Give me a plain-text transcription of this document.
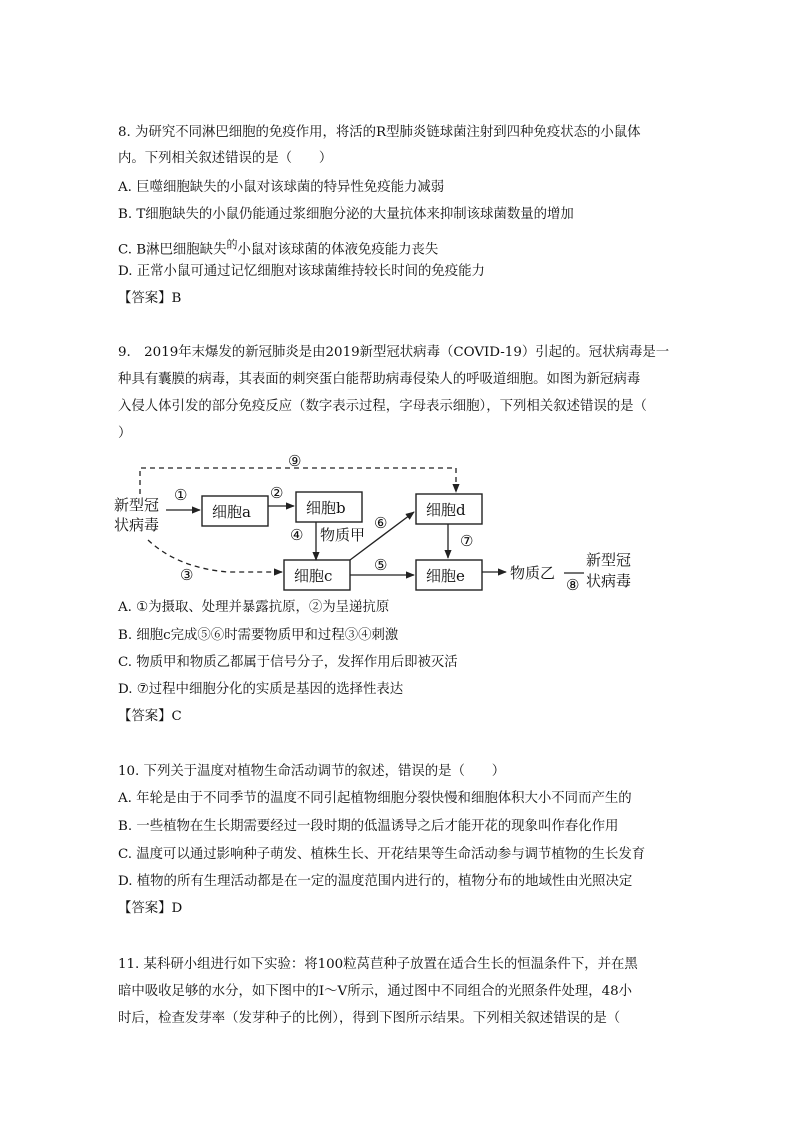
8. 为研究不同淋巴细胞的免疫作用，将活的R型肺炎链球菌注射到四种免疫状态的小鼠体
内。下列相关叙述错误的是（　　）
A. 巨噬细胞缺失的小鼠对该球菌的特异性免疫能力减弱
B. T细胞缺失的小鼠仍能通过浆细胞分泌的大量抗体来抑制该球菌数量的增加
C. B淋巴细胞缺失$^的$小鼠对该球菌的体液免疫能力丧失
D. 正常小鼠可通过记忆细胞对该球菌维持较长时间的免疫能力
【答案】B
9.　2019年末爆发的新冠肺炎是由2019新型冠状病毒（COVID-19）引起的。冠状病毒是一
种具有囊膜的病毒，其表面的刺突蛋白能帮助病毒侵染人的呼吸道细胞。如图为新冠病毒
入侵人体引发的部分免疫反应（数字表示过程，字母表示细胞），下列相关叙述错误的是（
）
新型冠
状病毒
⑨
①
细胞a
②
细胞b
④ 物质甲
③	细胞c
⑥
⑤
细胞d
⑦
细胞e	物质乙
⑧
新型冠
状病毒
A. ①为摄取、处理并暴露抗原，②为呈递抗原
B. 细胞c完成⑤⑥时需要物质甲和过程③④刺激
C. 物质甲和物质乙都属于信号分子，发挥作用后即被灭活
D. ⑦过程中细胞分化的实质是基因的选择性表达
【答案】C
10. 下列关于温度对植物生命活动调节的叙述，错误的是（　　）
A. 年轮是由于不同季节的温度不同引起植物细胞分裂快慢和细胞体积大小不同而产生的
B. 一些植物在生长期需要经过一段时期的低温诱导之后才能开花的现象叫作春化作用
C. 温度可以通过影响种子萌发、植株生长、开花结果等生命活动参与调节植物的生长发育
D. 植物的所有生理活动都是在一定的温度范围内进行的，植物分布的地域性由光照决定
【答案】D
11. 某科研小组进行如下实验：将100粒莴苣种子放置在适合生长的恒温条件下，并在黑
暗中吸收足够的水分，如下图中的Ⅰ～Ⅴ所示，通过图中不同组合的光照条件处理，48小
时后，检查发芽率（发芽种子的比例），得到下图所示结果。下列相关叙述错误的是（
